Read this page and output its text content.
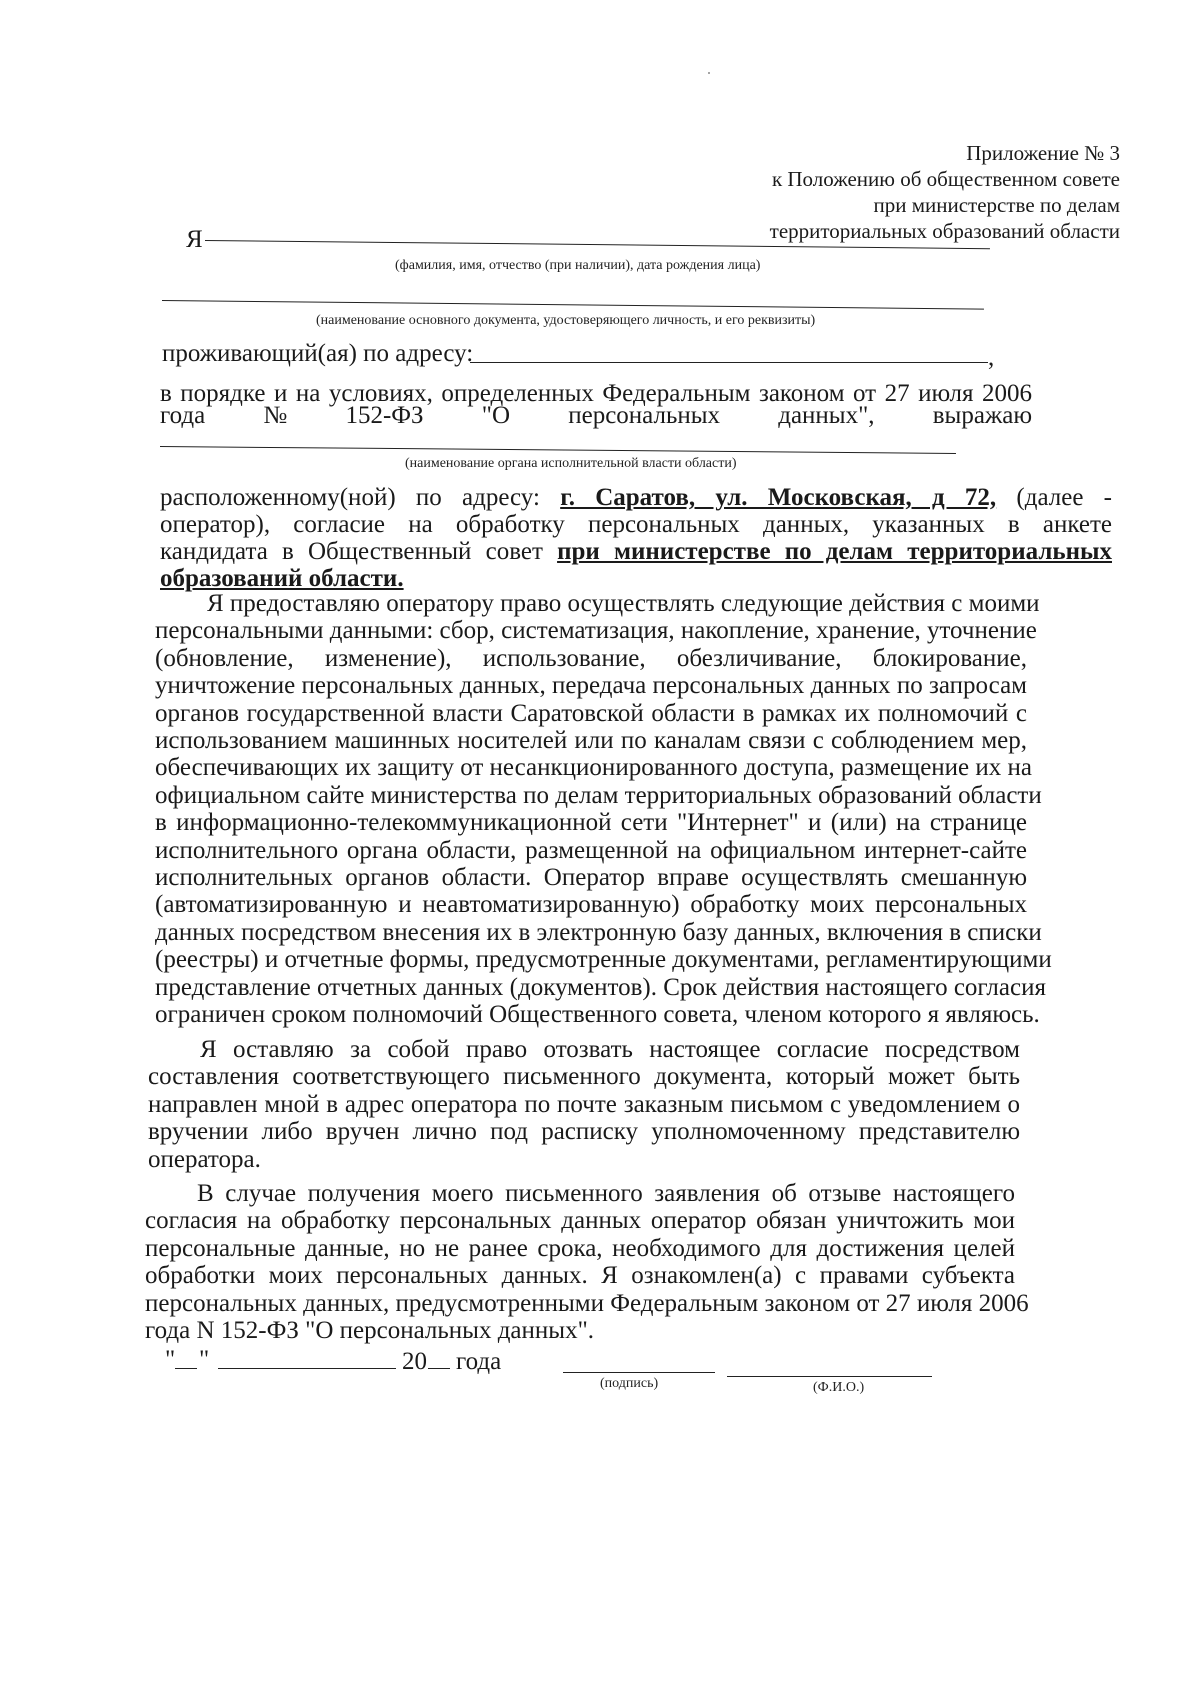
Приложение № 3
к Положению об общественном совете
при министерстве по делам
территориальных образований области
Я
(фамилия, имя, отчество (при наличии), дата рождения лица)
(наименование основного документа, удостоверяющего личность, и его реквизиты)
проживающий(ая) по адресу:	,
в порядке и на условиях, определенных Федеральным законом от 27 июля 2006
года № 152-ФЗ "О персональных данных", выражаю
(наименование органа исполнительной власти области)
расположенному(ной) по адресу: г. Саратов, ул. Московская, д 72, (далее -
оператор), согласие на обработку персональных данных, указанных в анкете
кандидата в Общественный совет при министерстве по делам территориальных
образований области.
Я предоставляю оператору право осуществлять следующие действия с моими
персональными данными: сбор, систематизация, накопление, хранение, уточнение
(обновление, изменение), использование, обезличивание, блокирование,
уничтожение персональных данных, передача персональных данных по запросам
органов государственной власти Саратовской области в рамках их полномочий с
использованием машинных носителей или по каналам связи с соблюдением мер,
обеспечивающих их защиту от несанкционированного доступа, размещение их на
официальном сайте министерства по делам территориальных образований области
в информационно-телекоммуникационной сети "Интернет" и (или) на странице
исполнительного органа области, размещенной на официальном интернет-сайте
исполнительных органов области. Оператор вправе осуществлять смешанную
(автоматизированную и неавтоматизированную) обработку моих персональных
данных посредством внесения их в электронную базу данных, включения в списки
(реестры) и отчетные формы, предусмотренные документами, регламентирующими
представление отчетных данных (документов). Срок действия настоящего согласия
ограничен сроком полномочий Общественного совета, членом которого я являюсь.
Я оставляю за собой право отозвать настоящее согласие посредством
составления соответствующего письменного документа, который может быть
направлен мной в адрес оператора по почте заказным письмом с уведомлением о
вручении либо вручен лично под расписку уполномоченному представителю
оператора.
В случае получения моего письменного заявления об отзыве настоящего
согласия на обработку персональных данных оператор обязан уничтожить мои
персональные данные, но не ранее срока, необходимого для достижения целей
обработки моих персональных данных. Я ознакомлен(а) с правами субъекта
персональных данных, предусмотренными Федеральным законом от 27 июля 2006
года N 152-ФЗ "О персональных данных".
" "	20 года
(подпись)	(Ф.И.О.)
